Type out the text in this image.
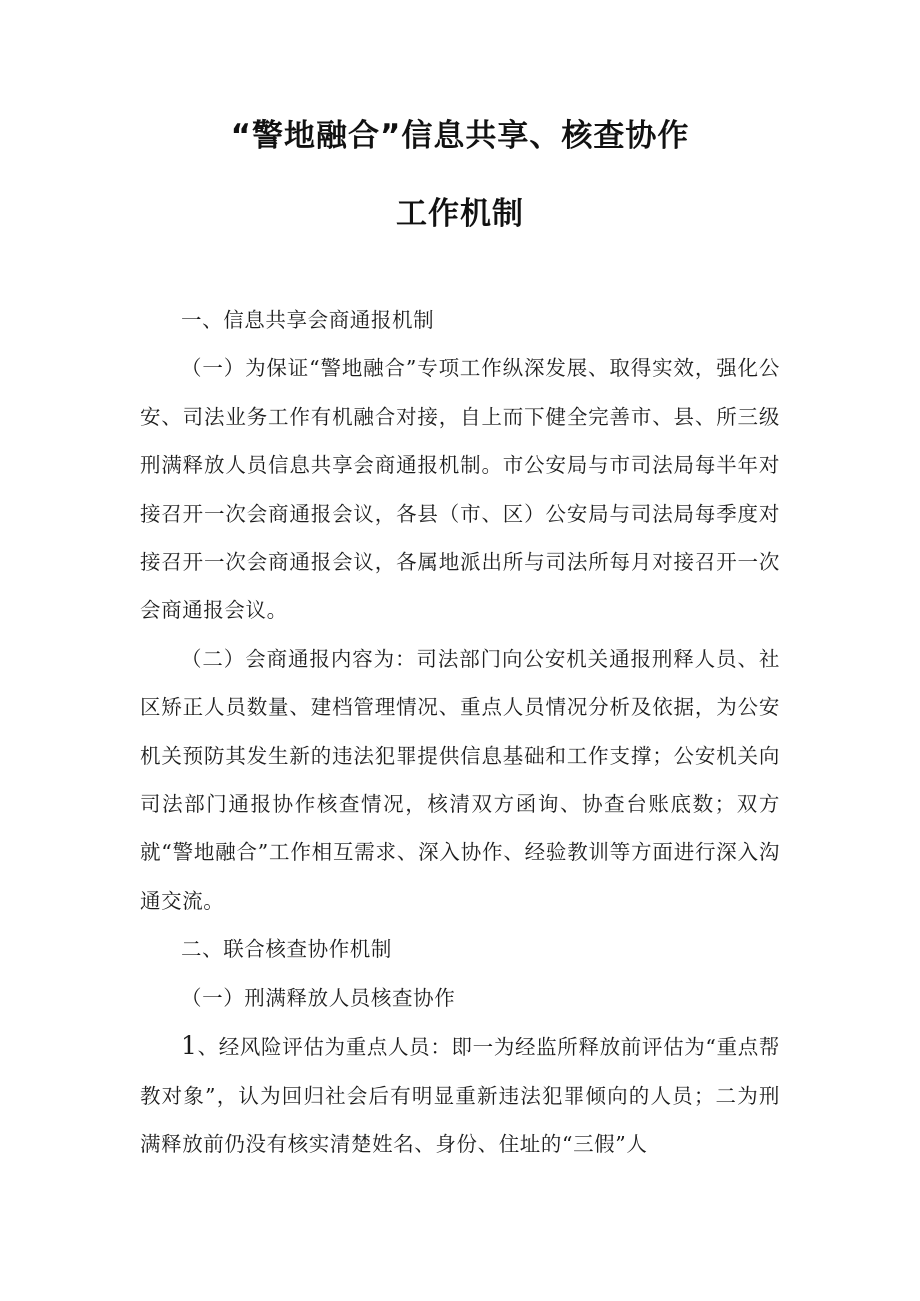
“警地融合”信息共享、核查协作
工作机制

一、信息共享会商通报机制

（一）为保证“警地融合”专项工作纵深发展、取得实效，强化公安、司法业务工作有机融合对接，自上而下健全完善市、县、所三级刑满释放人员信息共享会商通报机制。市公安局与市司法局每半年对接召开一次会商通报会议，各县（市、区）公安局与司法局每季度对接召开一次会商通报会议，各属地派出所与司法所每月对接召开一次会商通报会议。

（二）会商通报内容为：司法部门向公安机关通报刑释人员、社区矫正人员数量、建档管理情况、重点人员情况分析及依据，为公安机关预防其发生新的违法犯罪提供信息基础和工作支撑；公安机关向司法部门通报协作核查情况，核清双方函询、协查台账底数；双方就“警地融合”工作相互需求、深入协作、经验教训等方面进行深入沟通交流。

二、联合核查协作机制

（一）刑满释放人员核查协作

1、经风险评估为重点人员：即一为经监所释放前评估为“重点帮教对象”，认为回归社会后有明显重新违法犯罪倾向的人员；二为刑满释放前仍没有核实清楚姓名、身份、住址的“三假”人
